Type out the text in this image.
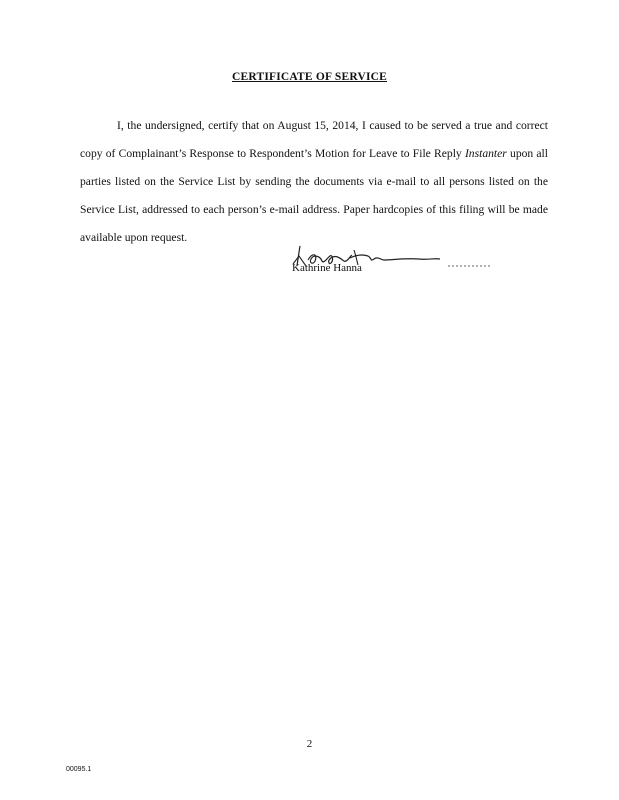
CERTIFICATE OF SERVICE

I, the undersigned, certify that on August 15, 2014, I caused to be served a true and correct copy of Complainant’s Response to Respondent’s Motion for Leave to File Reply Instanter upon all parties listed on the Service List by sending the documents via e-mail to all persons listed on the Service List, addressed to each person’s e-mail address. Paper hardcopies of this filing will be made available upon request.

Kathrine Hanna
2
00095.1
